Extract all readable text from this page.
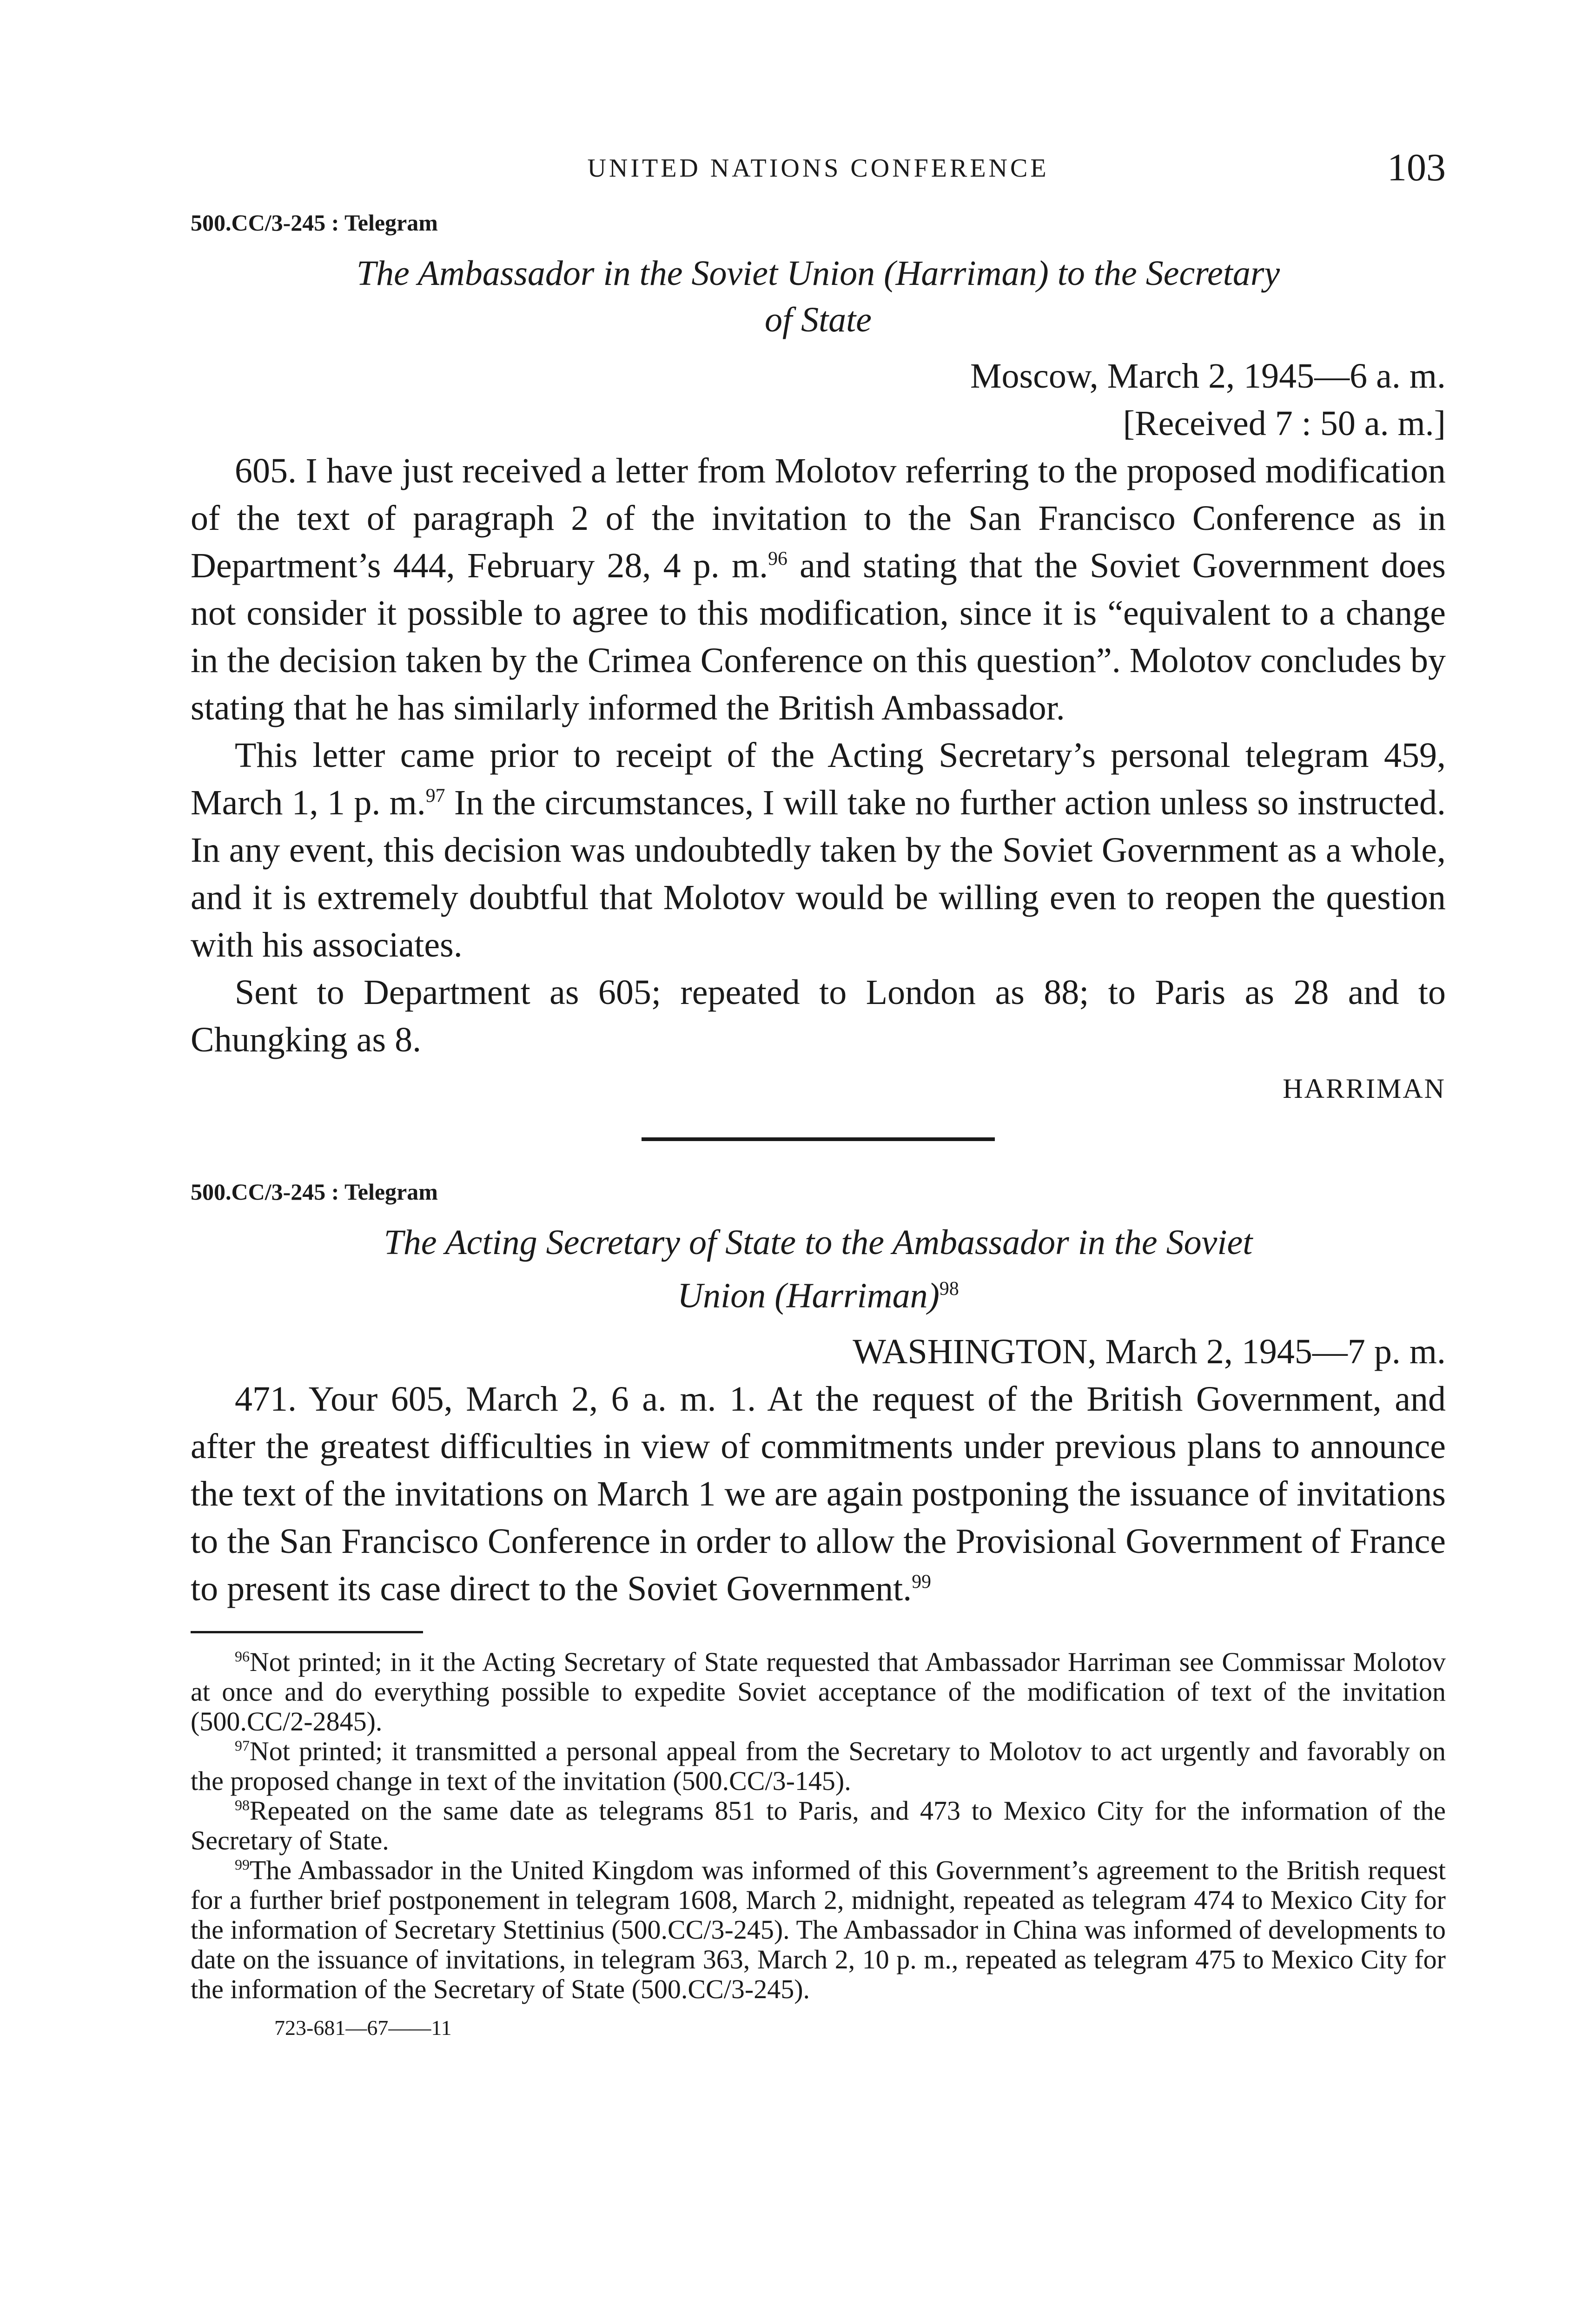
UNITED NATIONS CONFERENCE	103
500.CC/3-245 : Telegram
The Ambassador in the Soviet Union (Harriman) to the Secretary
of State
Moscow, March 2, 1945—6 a. m.
[Received 7 : 50 a. m.]

605. I have just received a letter from Molotov referring to the proposed modification of the text of paragraph 2 of the invitation to the San Francisco Conference as in Department’s 444, February 28, 4 p. m.$^{96}$ and stating that the Soviet Government does not consider it possible to agree to this modification, since it is “equivalent to a change in the decision taken by the Crimea Conference on this question”. Molotov concludes by stating that he has similarly informed the British Ambassador.

This letter came prior to receipt of the Acting Secretary’s personal telegram 459, March 1, 1 p. m.$^{97}$ In the circumstances, I will take no further action unless so instructed. In any event, this decision was undoubtedly taken by the Soviet Government as a whole, and it is extremely doubtful that Molotov would be willing even to reopen the question with his associates.

Sent to Department as 605; repeated to London as 88; to Paris as 28 and to Chungking as 8.

HARRIMAN
500.CC/3-245 : Telegram
The Acting Secretary of State to the Ambassador in the Soviet
Union (Harriman)$^{98}$
WASHINGTON, March 2, 1945—7 p. m.

471. Your 605, March 2, 6 a. m. 1. At the request of the British Government, and after the greatest difficulties in view of commitments under previous plans to announce the text of the invitations on March 1 we are again postponing the issuance of invitations to the San Francisco Conference in order to allow the Provisional Government of France to present its case direct to the Soviet Government.$^{99}$

$^{96}$Not printed; in it the Acting Secretary of State requested that Ambassador Harriman see Commissar Molotov at once and do everything possible to expedite Soviet acceptance of the modification of text of the invitation (500.CC/2-2845).

$^{97}$Not printed; it transmitted a personal appeal from the Secretary to Molotov to act urgently and favorably on the proposed change in text of the invitation (500.CC/3-145).

$^{98}$Repeated on the same date as telegrams 851 to Paris, and 473 to Mexico City for the information of the Secretary of State.

$^{99}$The Ambassador in the United Kingdom was informed of this Government’s agreement to the British request for a further brief postponement in telegram 1608, March 2, midnight, repeated as telegram 474 to Mexico City for the information of Secretary Stettinius (500.CC/3-245). The Ambassador in China was informed of developments to date on the issuance of invitations, in telegram 363, March 2, 10 p. m., repeated as telegram 475 to Mexico City for the information of the Secretary of State (500.CC/3-245).

723-681—67——11
